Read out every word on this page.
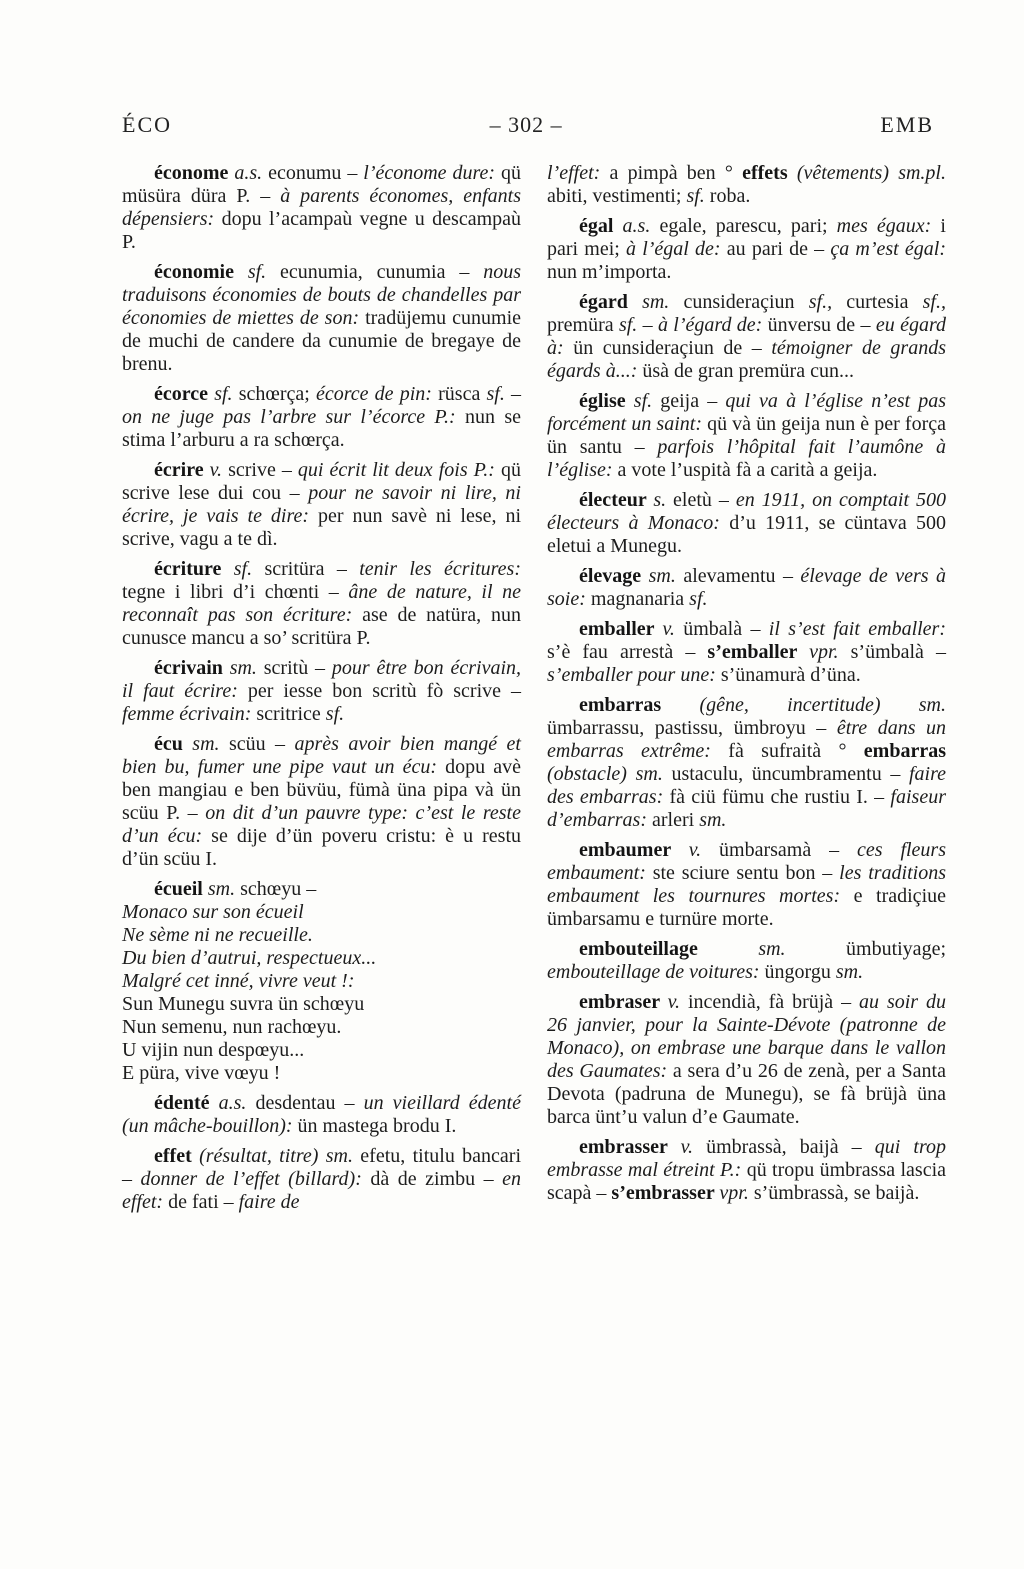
ÉCO	– 302 –	EMB

économe a.s. econumu – l’économe dure: qü müsüra düra P. – à parents économes, enfants dépensiers: dopu l’acampaù vegne u descampaù P.

économie sf. ecunumia, cunumia – nous traduisons économies de bouts de chandelles par économies de miettes de son: tradüjemu cunumie de muchi de candere da cunumie de bregaye de brenu.

écorce sf. schœrça; écorce de pin: rüsca sf. – on ne juge pas l’arbre sur l’écorce P.: nun se stima l’arburu a ra schœrça.

écrire v. scrive – qui écrit lit deux fois P.: qü scrive lese dui cou – pour ne savoir ni lire, ni écrire, je vais te dire: per nun savè ni lese, ni scrive, vagu a te dì.

écriture sf. scritüra – tenir les écritures: tegne i libri d’i chœnti – âne de nature, il ne reconnaît pas son écriture: ase de natüra, nun cunusce mancu a so’ scritüra P.

écrivain sm. scritù – pour être bon écrivain, il faut écrire: per iesse bon scritù fò scrive – femme écrivain: scritrice sf.

écu sm. scüu – après avoir bien mangé et bien bu, fumer une pipe vaut un écu: dopu avè ben mangiau e ben büvüu, fümà üna pipa và ün scüu P. – on dit d’un pauvre type: c’est le reste d’un écu: se dije d’ün poveru cristu: è u restu d’ün scüu I.

écueil sm. schœyu –
Monaco sur son écueil
Ne sème ni ne recueille.
Du bien d’autrui, respectueux...
Malgré cet inné, vivre veut !:
Sun Munegu suvra ün schœyu
Nun semenu, nun rachœyu.
U vijin nun despœyu...
E püra, vive vœyu !

édenté a.s. desdentau – un vieillard édenté (un mâche-bouillon): ün mastega brodu I.

effet (résultat, titre) sm. efetu, titulu bancari – donner de l’effet (billard): dà de zimbu – en effet: de fati – faire de

l’effet: a pimpà ben ° effets (vêtements) sm.pl. abiti, vestimenti; sf. roba.

égal a.s. egale, parescu, pari; mes égaux: i pari mei; à l’égal de: au pari de – ça m’est égal: nun m’importa.

égard sm. cunsideraçiun sf., curtesia sf., premüra sf. – à l’égard de: ünversu de – eu égard à: ün cunsideraçiun de – témoigner de grands égards à...: üsà de gran premüra cun...

église sf. geija – qui va à l’église n’est pas forcément un saint: qü và ün geija nun è per força ün santu – parfois l’hôpital fait l’aumône à l’église: a vote l’uspità fà a carità a geija.

électeur s. eletù – en 1911, on comptait 500 électeurs à Monaco: d’u 1911, se cüntava 500 eletui a Munegu.

élevage sm. alevamentu – élevage de vers à soie: magnanaria sf.

emballer v. ümbalà – il s’est fait emballer: s’è fau arrestà – s’emballer vpr. s’ümbalà – s’emballer pour une: s’ünamurà d’üna.

embarras (gêne, incertitude) sm. ümbarrassu, pastissu, ümbroyu – être dans un embarras extrême: fà sufraità ° embarras (obstacle) sm. ustaculu, üncumbramentu – faire des embarras: fà ciü fümu che rustiu I. – faiseur d’embarras: arleri sm.

embaumer v. ümbarsamà – ces fleurs embaument: ste sciure sentu bon – les traditions embaument les tournures mortes: e tradiçiue ümbarsamu e turnüre morte.

embouteillage sm. ümbutiyage; embouteillage de voitures: üngorgu sm.

embraser v. incendià, fà brüjà – au soir du 26 janvier, pour la Sainte-Dévote (patronne de Monaco), on embrase une barque dans le vallon des Gaumates: a sera d’u 26 de zenà, per a Santa Devota (padruna de Munegu), se fà brüjà üna barca ünt’u valun d’e Gaumate.

embrasser v. ümbrassà, baijà – qui trop embrasse mal étreint P.: qü tropu ümbrassa lascia scapà – s’embrasser vpr. s’ümbrassà, se baijà.
